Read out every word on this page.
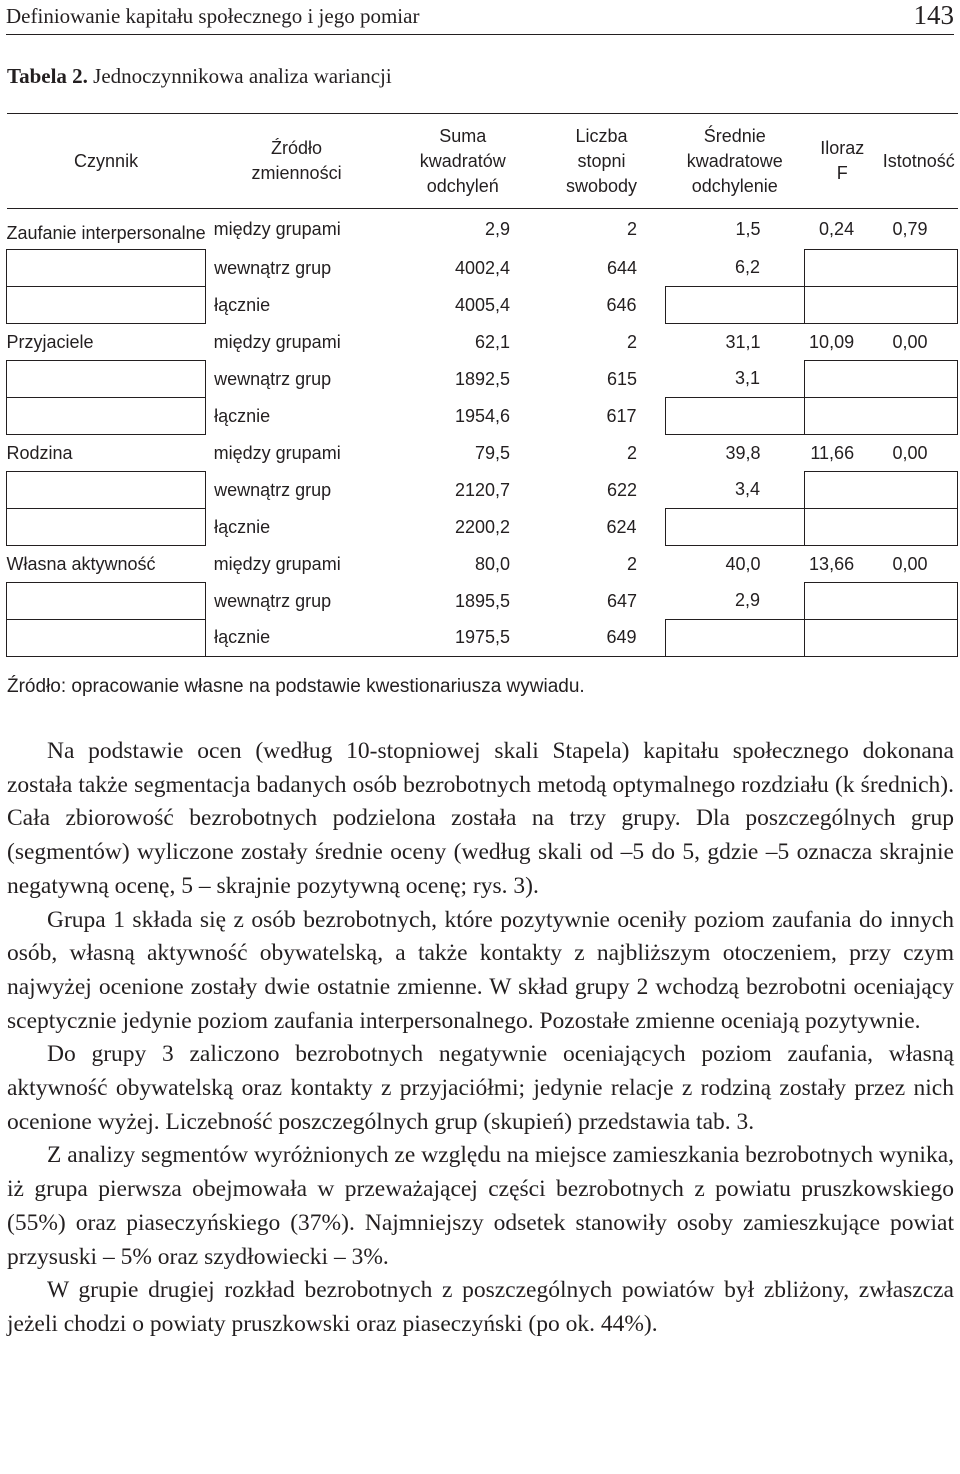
Definiowanie kapitału społecznego i jego pomiar	143
Tabela 2. Jednoczynnikowa analiza wariancji
Czynnik	Źródło zmienności	Suma kwadratów odchyleń	Liczba stopni swobody	Średnie kwadratowe odchylenie	Iloraz F	Istotność
Zaufanie interpersonalne	między grupami	2,9	2	1,5	0,24	0,79
	wewnątrz grup	4002,4	644	6,2		
	łącznie	4005,4	646			
Przyjaciele	między grupami	62,1	2	31,1	10,09	0,00
	wewnątrz grup	1892,5	615	3,1		
	łącznie	1954,6	617			
Rodzina	między grupami	79,5	2	39,8	11,66	0,00
	wewnątrz grup	2120,7	622	3,4		
	łącznie	2200,2	624			
Własna aktywność	między grupami	80,0	2	40,0	13,66	0,00
	wewnątrz grup	1895,5	647	2,9		
	łącznie	1975,5	649			
Źródło: opracowanie własne na podstawie kwestionariusza wywiadu.

Na podstawie ocen (według 10-stopniowej skali Stapela) kapitału społecznego dokonana została także segmentacja badanych osób bezrobotnych metodą optymalnego rozdziału (k średnich). Cała zbiorowość bezrobotnych podzielona została na trzy grupy. Dla poszczególnych grup (segmentów) wyliczone zostały średnie oceny (według skali od –5 do 5, gdzie –5 oznacza skrajnie negatywną ocenę, 5 – skrajnie pozytywną ocenę; rys. 3).

Grupa 1 składa się z osób bezrobotnych, które pozytywnie oceniły poziom zaufania do innych osób, własną aktywność obywatelską, a także kontakty z najbliższym otoczeniem, przy czym najwyżej ocenione zostały dwie ostatnie zmienne. W skład grupy 2 wchodzą bezrobotni oceniający sceptycznie jedynie poziom zaufania interpersonalnego. Pozostałe zmienne oceniają pozytywnie.

Do grupy 3 zaliczono bezrobotnych negatywnie oceniających poziom zaufania, własną aktywność obywatelską oraz kontakty z przyjaciółmi; jedynie relacje z rodziną zostały przez nich ocenione wyżej. Liczebność poszczególnych grup (skupień) przedstawia tab. 3.

Z analizy segmentów wyróżnionych ze względu na miejsce zamieszkania bezrobotnych wynika, iż grupa pierwsza obejmowała w przeważającej części bezrobotnych z powiatu pruszkowskiego (55%) oraz piaseczyńskiego (37%). Najmniejszy odsetek stanowiły osoby zamieszkujące powiat przysuski – 5% oraz szydłowiecki – 3%.

W grupie drugiej rozkład bezrobotnych z poszczególnych powiatów był zbliżony, zwłaszcza jeżeli chodzi o powiaty pruszkowski oraz piaseczyński (po ok. 44%).
